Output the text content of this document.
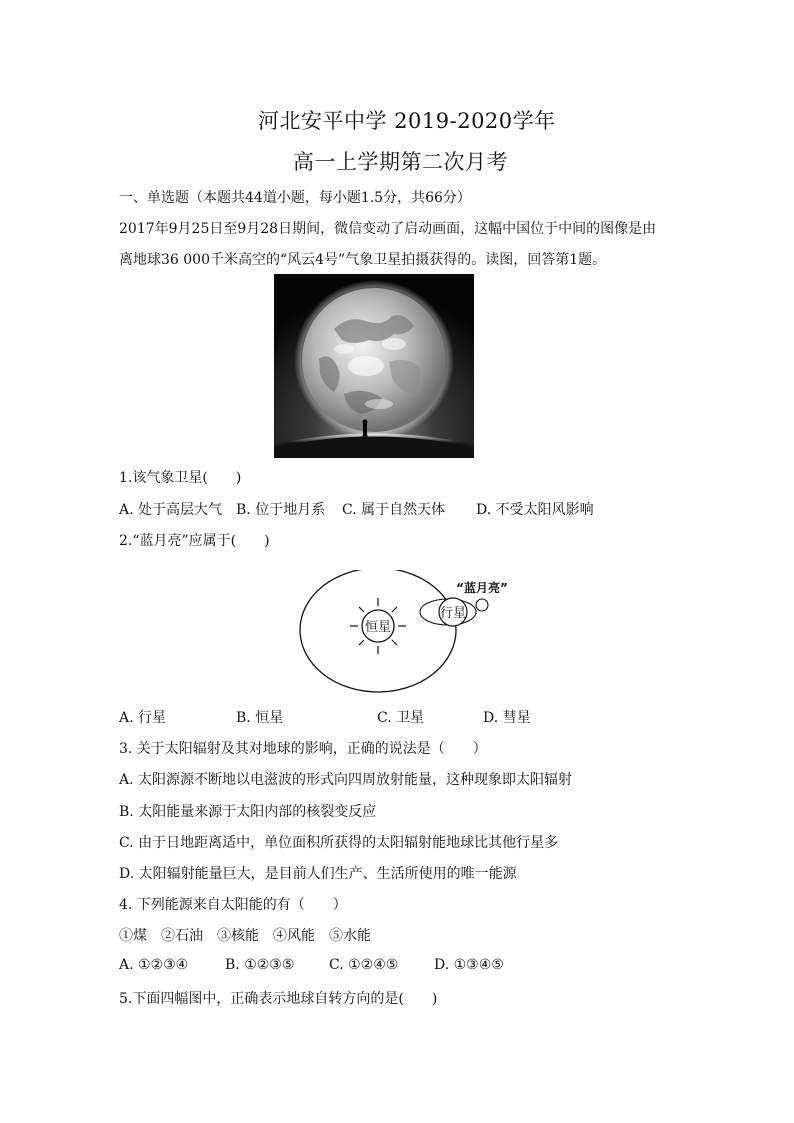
河北安平中学 2019-2020学年
高一上学期第二次月考
一、单选题（本题共44道小题，每小题1.5分，共66分）
2017年9月25日至9月28日期间，微信变动了启动画面，这幅中国位于中间的图像是由
离地球36 000千米高空的“风云4号”气象卫星拍摄获得的。读图，回答第1题。
1.该气象卫星(　　)
A. 处于高层大气 B. 位于地月系 C. 属于自然天体 D. 不受太阳风影响
2.“蓝月亮”应属于(　　)
恒星
行星
“蓝月亮”
A. 行星	B. 恒星	C. 卫星	D. 彗星
3. 关于太阳辐射及其对地球的影响，正确的说法是（　　）
A. 太阳源源不断地以电滋波的形式向四周放射能量，这种现象即太阳辐射
B. 太阳能量来源于太阳内部的核裂变反应
C. 由于日地距离适中，单位面积所获得的太阳辐射能地球比其他行星多
D. 太阳辐射能量巨大，是目前人们生产、生活所使用的唯一能源
4. 下列能源来自太阳能的有（　　）
①煤　②石油　③核能　④风能　⑤水能
A. ①②③④	B. ①②③⑤ C. ①②④⑤	D. ①③④⑤
5.下面四幅图中，正确表示地球自转方向的是(　　)
